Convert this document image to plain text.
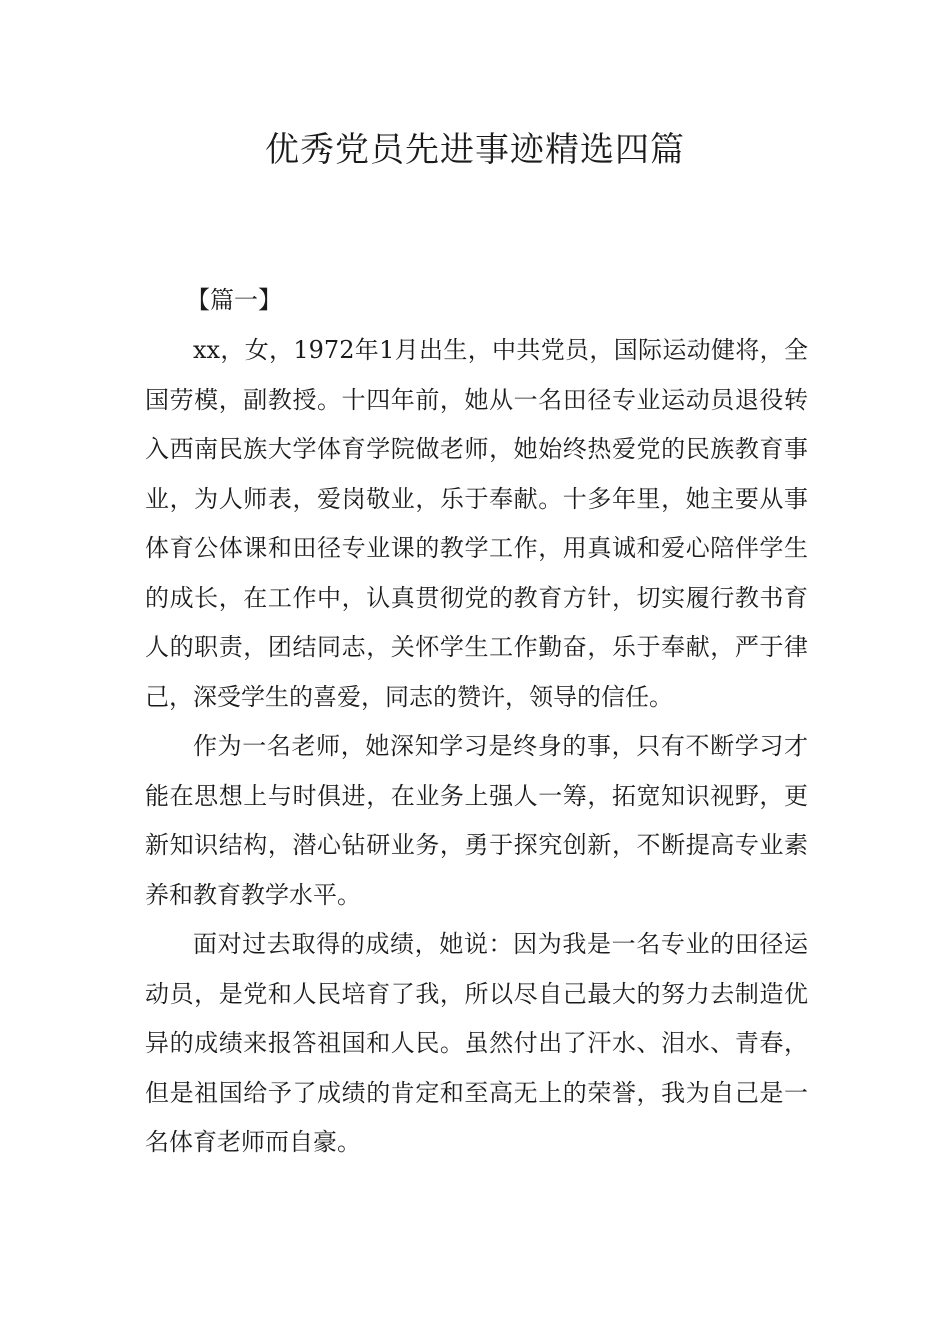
优秀党员先进事迹精选四篇
【篇一】

xx，女，1972年1月出生，中共党员，国际运动健将，全国劳模，副教授。十四年前，她从一名田径专业运动员退役转入西南民族大学体育学院做老师，她始终热爱党的民族教育事业，为人师表，爱岗敬业，乐于奉献。十多年里，她主要从事体育公体课和田径专业课的教学工作，用真诚和爱心陪伴学生的成长，在工作中，认真贯彻党的教育方针，切实履行教书育人的职责，团结同志，关怀学生工作勤奋，乐于奉献，严于律己，深受学生的喜爱，同志的赞许，领导的信任。

作为一名老师，她深知学习是终身的事，只有不断学习才能在思想上与时俱进，在业务上强人一筹，拓宽知识视野，更新知识结构，潜心钻研业务，勇于探究创新，不断提高专业素养和教育教学水平。

面对过去取得的成绩，她说：因为我是一名专业的田径运动员，是党和人民培育了我，所以尽自己最大的努力去制造优异的成绩来报答祖国和人民。虽然付出了汗水、泪水、青春，但是祖国给予了成绩的肯定和至高无上的荣誉，我为自己是一名体育老师而自豪。
